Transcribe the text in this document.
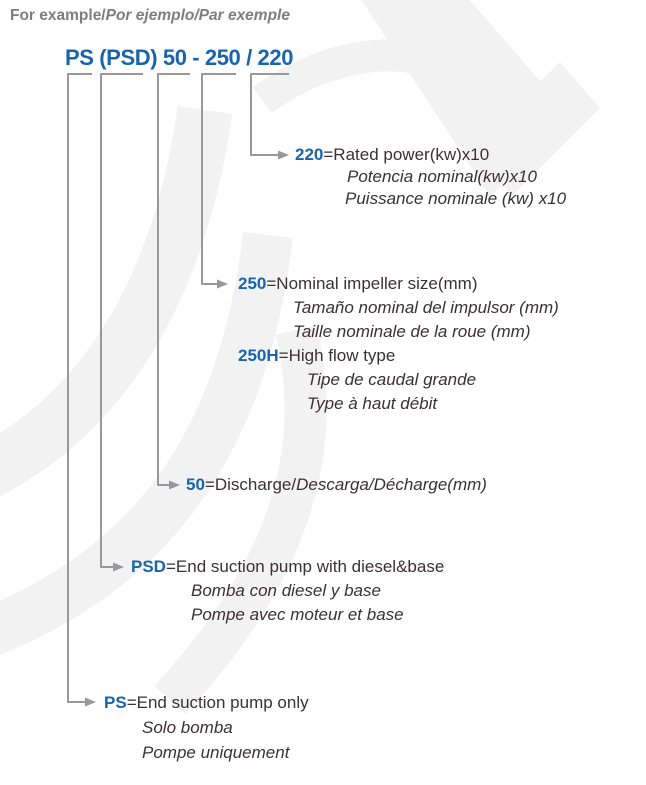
For example/Por ejemplo/Par exemple
PS (PSD) 50 - 250 / 220
220=Rated power(kw)x10
Potencia nominal(kw)x10
Puissance nominale (kw) x10
250=Nominal impeller size(mm)
Tamaño nominal del impulsor (mm)
Taille nominale de la roue (mm)
250H=High flow type
Tipe de caudal grande
Type à haut débit
50=Discharge/Descarga/Décharge(mm)
PSD=End suction pump with diesel&base
Bomba con diesel y base
Pompe avec moteur et base
PS=End suction pump only
Solo bomba
Pompe uniquement
